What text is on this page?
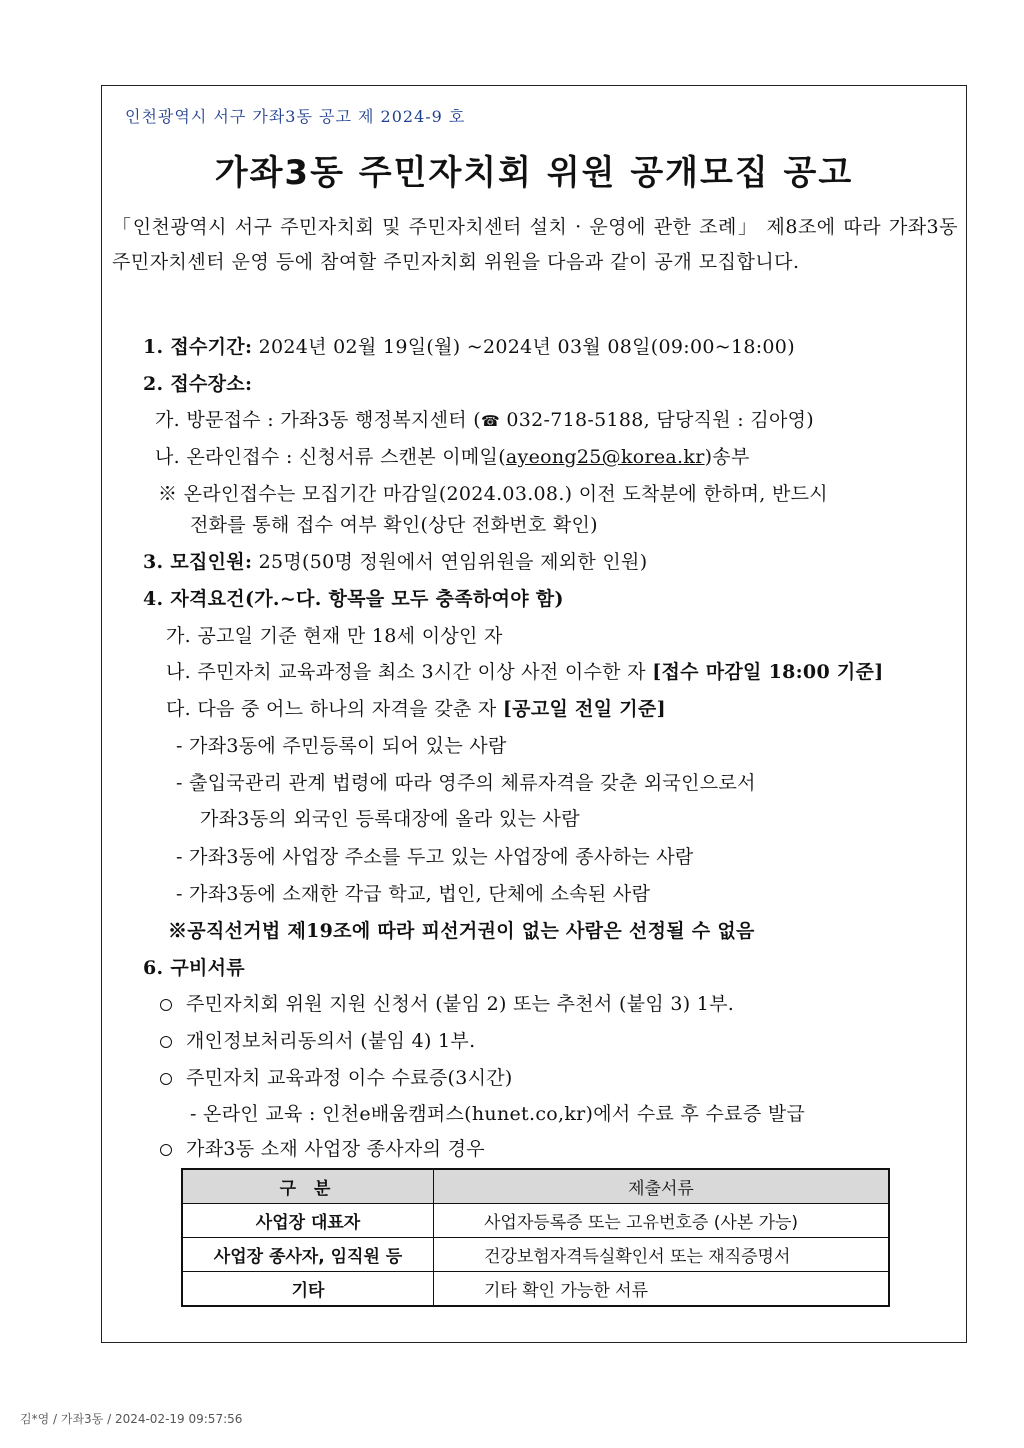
인천광역시 서구 가좌3동 공고 제 2024-9 호
가좌3동 주민자치회 위원 공개모집 공고
「인천광역시 서구 주민자치회 및 주민자치센터 설치 · 운영에 관한 조례」 제8조에 따라 가좌3동 주민자치센터 운영 등에 참여할 주민자치회 위원을 다음과 같이 공개 모집합니다.
1. 접수기간: 2024년 02월 19일(월) ~2024년 03월 08일(09:00~18:00)
2. 접수장소:
가. 방문접수 : 가좌3동 행정복지센터 (☎ 032-718-5188, 담당직원 : 김아영)
나. 온라인접수 : 신청서류 스캔본 이메일(ayeong25@korea.kr)송부
※ 온라인접수는 모집기간 마감일(2024.03.08.) 이전 도착분에 한하며, 반드시
전화를 통해 접수 여부 확인(상단 전화번호 확인)
3. 모집인원: 25명(50명 정원에서 연임위원을 제외한 인원)
4. 자격요건(가.~다. 항목을 모두 충족하여야 함)
가. 공고일 기준 현재 만 18세 이상인 자
나. 주민자치 교육과정을 최소 3시간 이상 사전 이수한 자 [접수 마감일 18:00 기준]
다. 다음 중 어느 하나의 자격을 갖춘 자 [공고일 전일 기준]
- 가좌3동에 주민등록이 되어 있는 사람
- 출입국관리 관계 법령에 따라 영주의 체류자격을 갖춘 외국인으로서
가좌3동의 외국인 등록대장에 올라 있는 사람
- 가좌3동에 사업장 주소를 두고 있는 사업장에 종사하는 사람
- 가좌3동에 소재한 각급 학교, 법인, 단체에 소속된 사람
※공직선거법 제19조에 따라 피선거권이 없는 사람은 선정될 수 없음
6. 구비서류
주민자치회 위원 지원 신청서 (붙임 2) 또는 추천서 (붙임 3) 1부.
개인정보처리동의서 (붙임 4) 1부.
주민자치 교육과정 이수 수료증(3시간)
- 온라인 교육 : 인천e배움캠퍼스(hunet.co,kr)에서 수료 후 수료증 발급
가좌3동 소재 사업장 종사자의 경우
구 분	제출서류
사업장 대표자	사업자등록증 또는 고유번호증 (사본 가능)
사업장 종사자, 임직원 등	건강보험자격득실확인서 또는 재직증명서
기타	기타 확인 가능한 서류
김*영 / 가좌3동 / 2024-02-19 09:57:56
